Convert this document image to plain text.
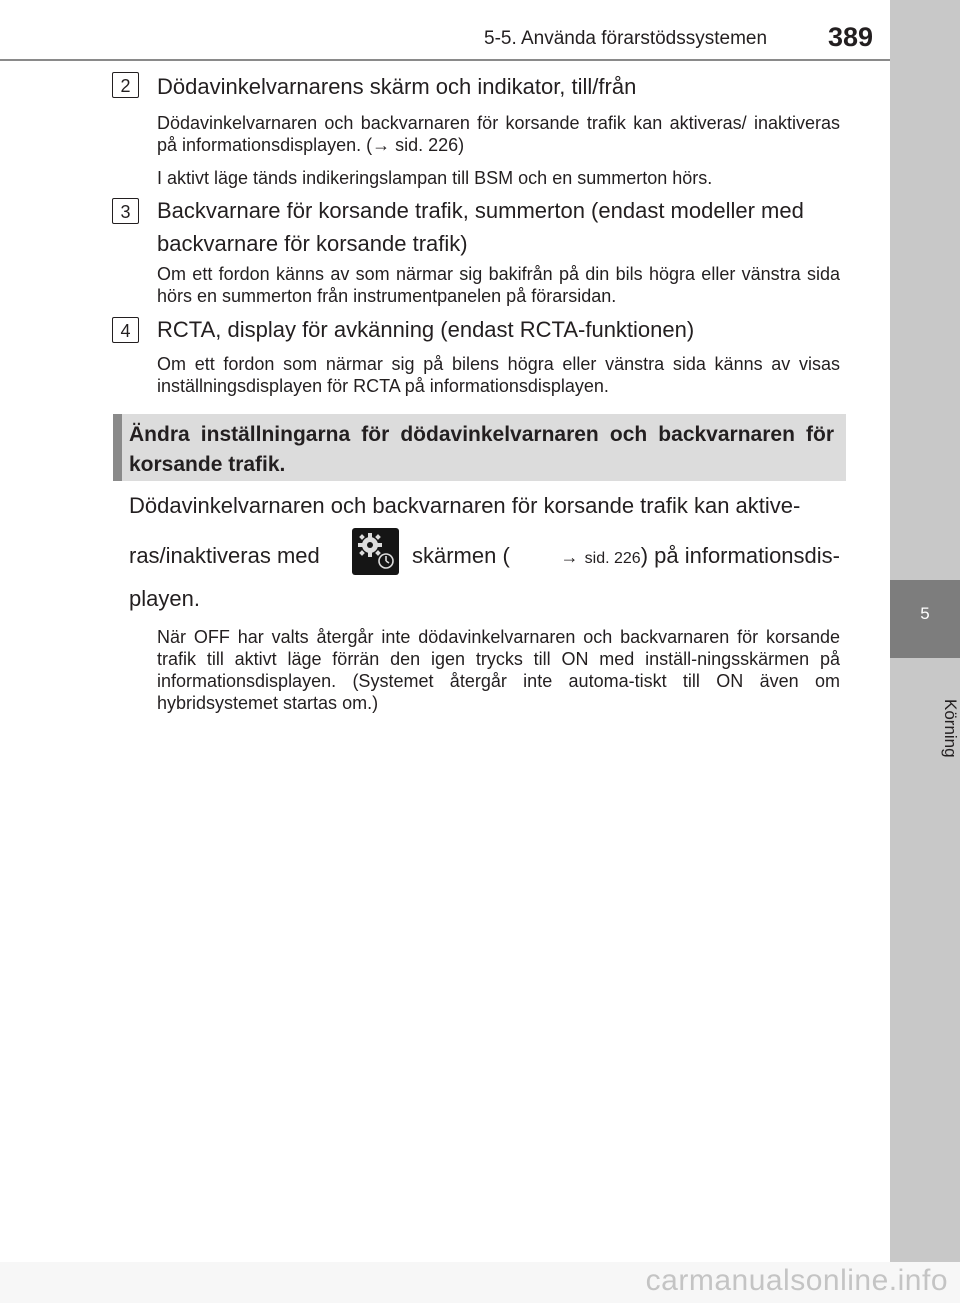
5-5. Använda förarstödssystemen 389
5
Körning
2	Dödavinkelvarnarens skärm och indikator, till/från
Dödavinkelvarnaren och backvarnaren för korsande trafik kan aktiveras/ inaktiveras på informationsdisplayen. (→ sid. 226)
I aktivt läge tänds indikeringslampan till BSM och en summerton hörs.
3	Backvarnare för korsande trafik, summerton (endast modeller med backvarnare för korsande trafik)
Om ett fordon känns av som närmar sig bakifrån på din bils högra eller vänstra sida hörs en summerton från instrumentpanelen på förarsidan.
4	RCTA, display för avkänning (endast RCTA-funktionen)
Om ett fordon som närmar sig på bilens högra eller vänstra sida känns av visas inställningsdisplayen för RCTA på informationsdisplayen.
Ändra inställningarna för dödavinkelvarnaren och backvarnaren för korsande trafik.
Dödavinkelvarnaren och backvarnaren för korsande trafik kan aktive-
ras/inaktiveras med	skärmen (	→ sid. 226) på informationsdis-
playen.
När OFF har valts återgår inte dödavinkelvarnaren och backvarnaren för korsande trafik till aktivt läge förrän den igen trycks till ON med inställ-ningsskärmen på informationsdisplayen. (Systemet återgår inte automa-tiskt till ON även om hybridsystemet startas om.)
carmanualsonline.info
